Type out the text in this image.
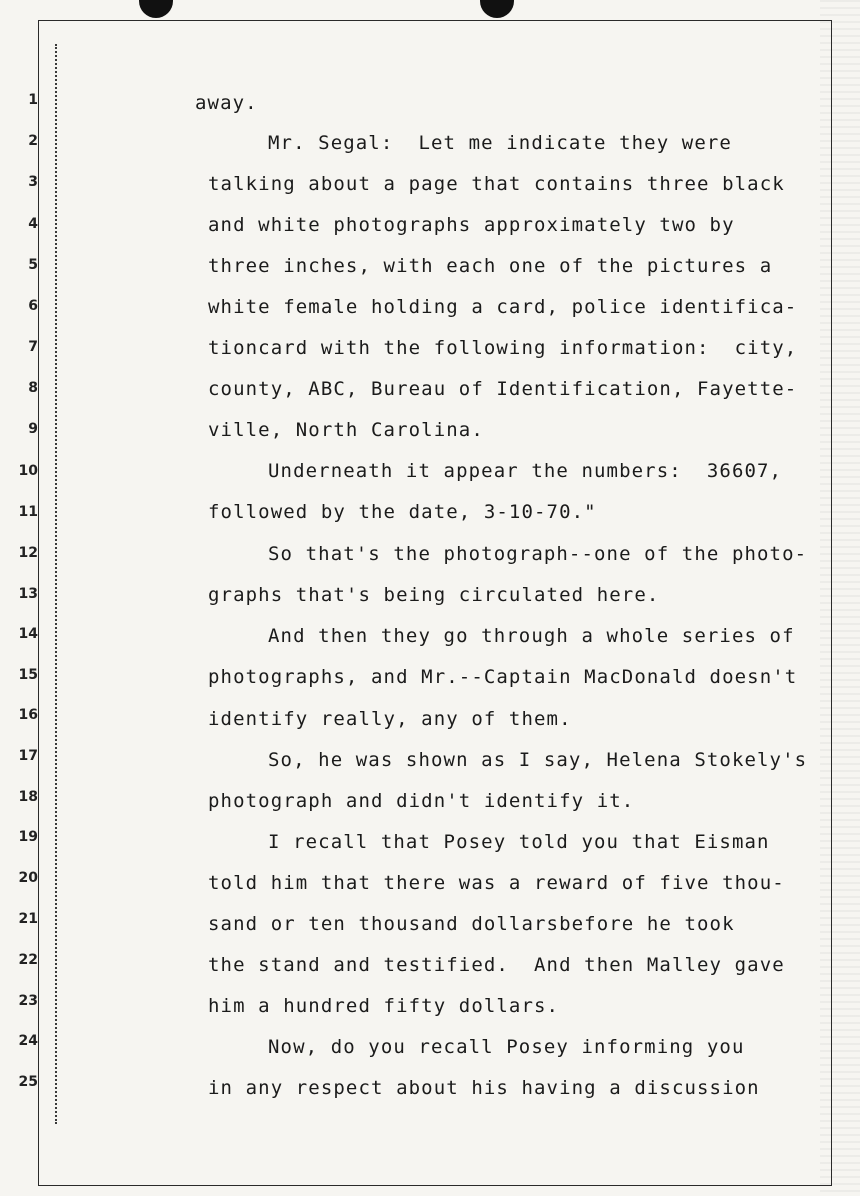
1
2
3
4
5
6
7
8
9
10
11
12
13
14
15
16
17
18
19
20
21
22
23
24
25
away.
Mr. Segal:  Let me indicate they were
talking about a page that contains three black
and white photographs approximately two by
three inches, with each one of the pictures a
white female holding a card, police identifica-
tioncard with the following information:  city,
county, ABC, Bureau of Identification, Fayette-
ville, North Carolina.
Underneath it appear the numbers:  36607,
followed by the date, 3-10-70."
So that's the photograph--one of the photo-
graphs that's being circulated here.
And then they go through a whole series of
photographs, and Mr.--Captain MacDonald doesn't
identify really, any of them.
So, he was shown as I say, Helena Stokely's
photograph and didn't identify it.
I recall that Posey told you that Eisman
told him that there was a reward of five thou-
sand or ten thousand dollarsbefore he took
the stand and testified.  And then Malley gave
him a hundred fifty dollars.
Now, do you recall Posey informing you
in any respect about his having a discussion
